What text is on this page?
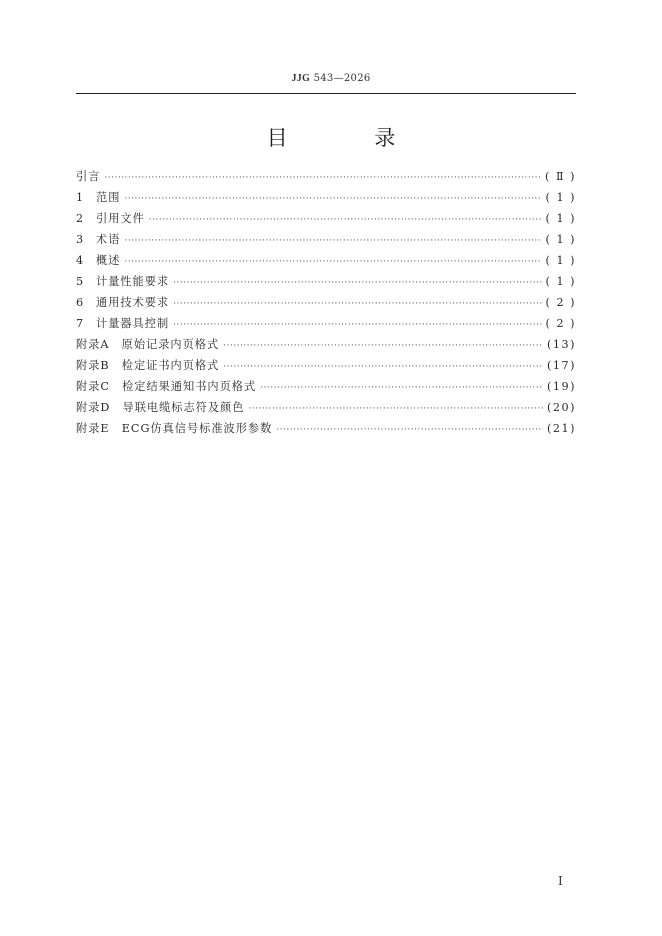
JJG 543—2026
目 录
引言 ·····	( Ⅱ )
1	范围 ·····	( 1 )
2	引用文件 ·····	( 1 )
3	术语 ·····	( 1 )
4	概述 ·····	( 1 )
5	计量性能要求 ·····	( 1 )
6	通用技术要求 ·····	( 2 )
7	计量器具控制 ·····	( 2 )
附录A　原始记录内页格式 ·····	(13)
附录B　检定证书内页格式 ·····	(17)
附录C　检定结果通知书内页格式 ·····	(19)
附录D　导联电缆标志符及颜色 ·····	(20)
附录E　ECG仿真信号标准波形参数 ·····	(21)
I
